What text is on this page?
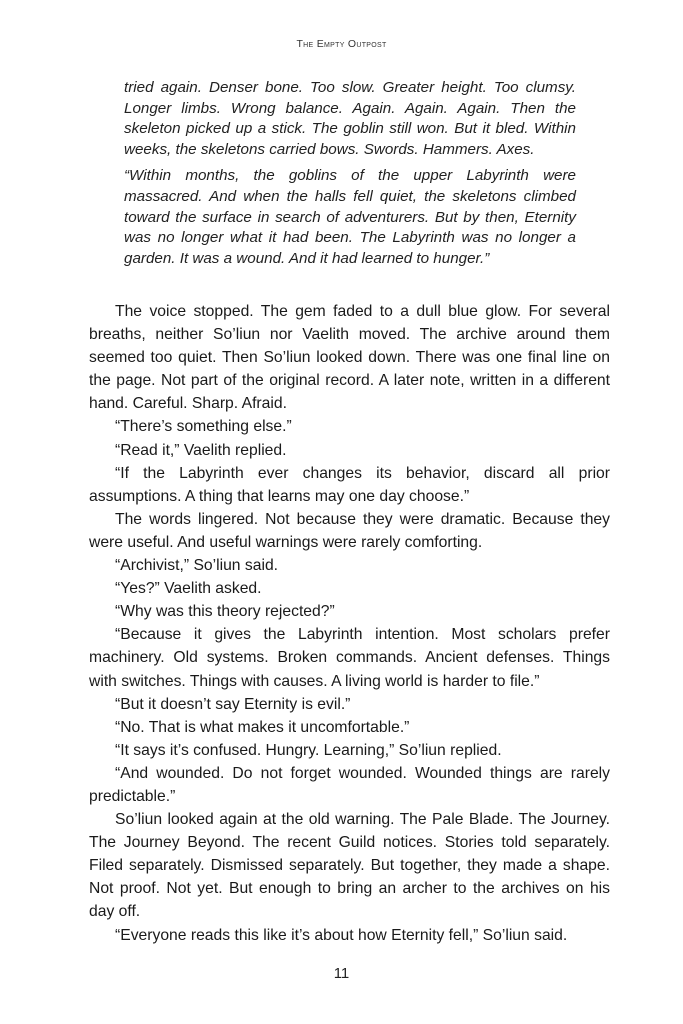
The Empty Outpost

tried again. Denser bone. Too slow. Greater height. Too clumsy. Longer limbs. Wrong balance. Again. Again. Again. Then the skeleton picked up a stick. The goblin still won. But it bled. Within weeks, the skeletons carried bows. Swords. Hammers. Axes.

“Within months, the goblins of the upper Labyrinth were massacred. And when the halls fell quiet, the skeletons climbed toward the surface in search of adventurers. But by then, Eternity was no longer what it had been. The Labyrinth was no longer a garden. It was a wound. And it had learned to hunger.”

The voice stopped. The gem faded to a dull blue glow. For several breaths, neither So’liun nor Vaelith moved. The archive around them seemed too quiet. Then So’liun looked down. There was one final line on the page. Not part of the original record. A later note, written in a different hand. Careful. Sharp. Afraid.

“There’s something else.”

“Read it,” Vaelith replied.

“If the Labyrinth ever changes its behavior, discard all prior assumptions. A thing that learns may one day choose.”

The words lingered. Not because they were dramatic. Because they were useful. And useful warnings were rarely comforting.

“Archivist,” So’liun said.

“Yes?” Vaelith asked.

“Why was this theory rejected?”

“Because it gives the Labyrinth intention. Most scholars prefer machinery. Old systems. Broken commands. Ancient defenses. Things with switches. Things with causes. A living world is harder to file.”

“But it doesn’t say Eternity is evil.”

“No. That is what makes it uncomfortable.”

“It says it’s confused. Hungry. Learning,” So’liun replied.

“And wounded. Do not forget wounded. Wounded things are rarely predictable.”

So’liun looked again at the old warning. The Pale Blade. The Journey. The Journey Beyond. The recent Guild notices. Stories told separately. Filed separately. Dismissed separately. But together, they made a shape. Not proof. Not yet. But enough to bring an archer to the archives on his day off.

“Everyone reads this like it’s about how Eternity fell,” So’liun said.

11
